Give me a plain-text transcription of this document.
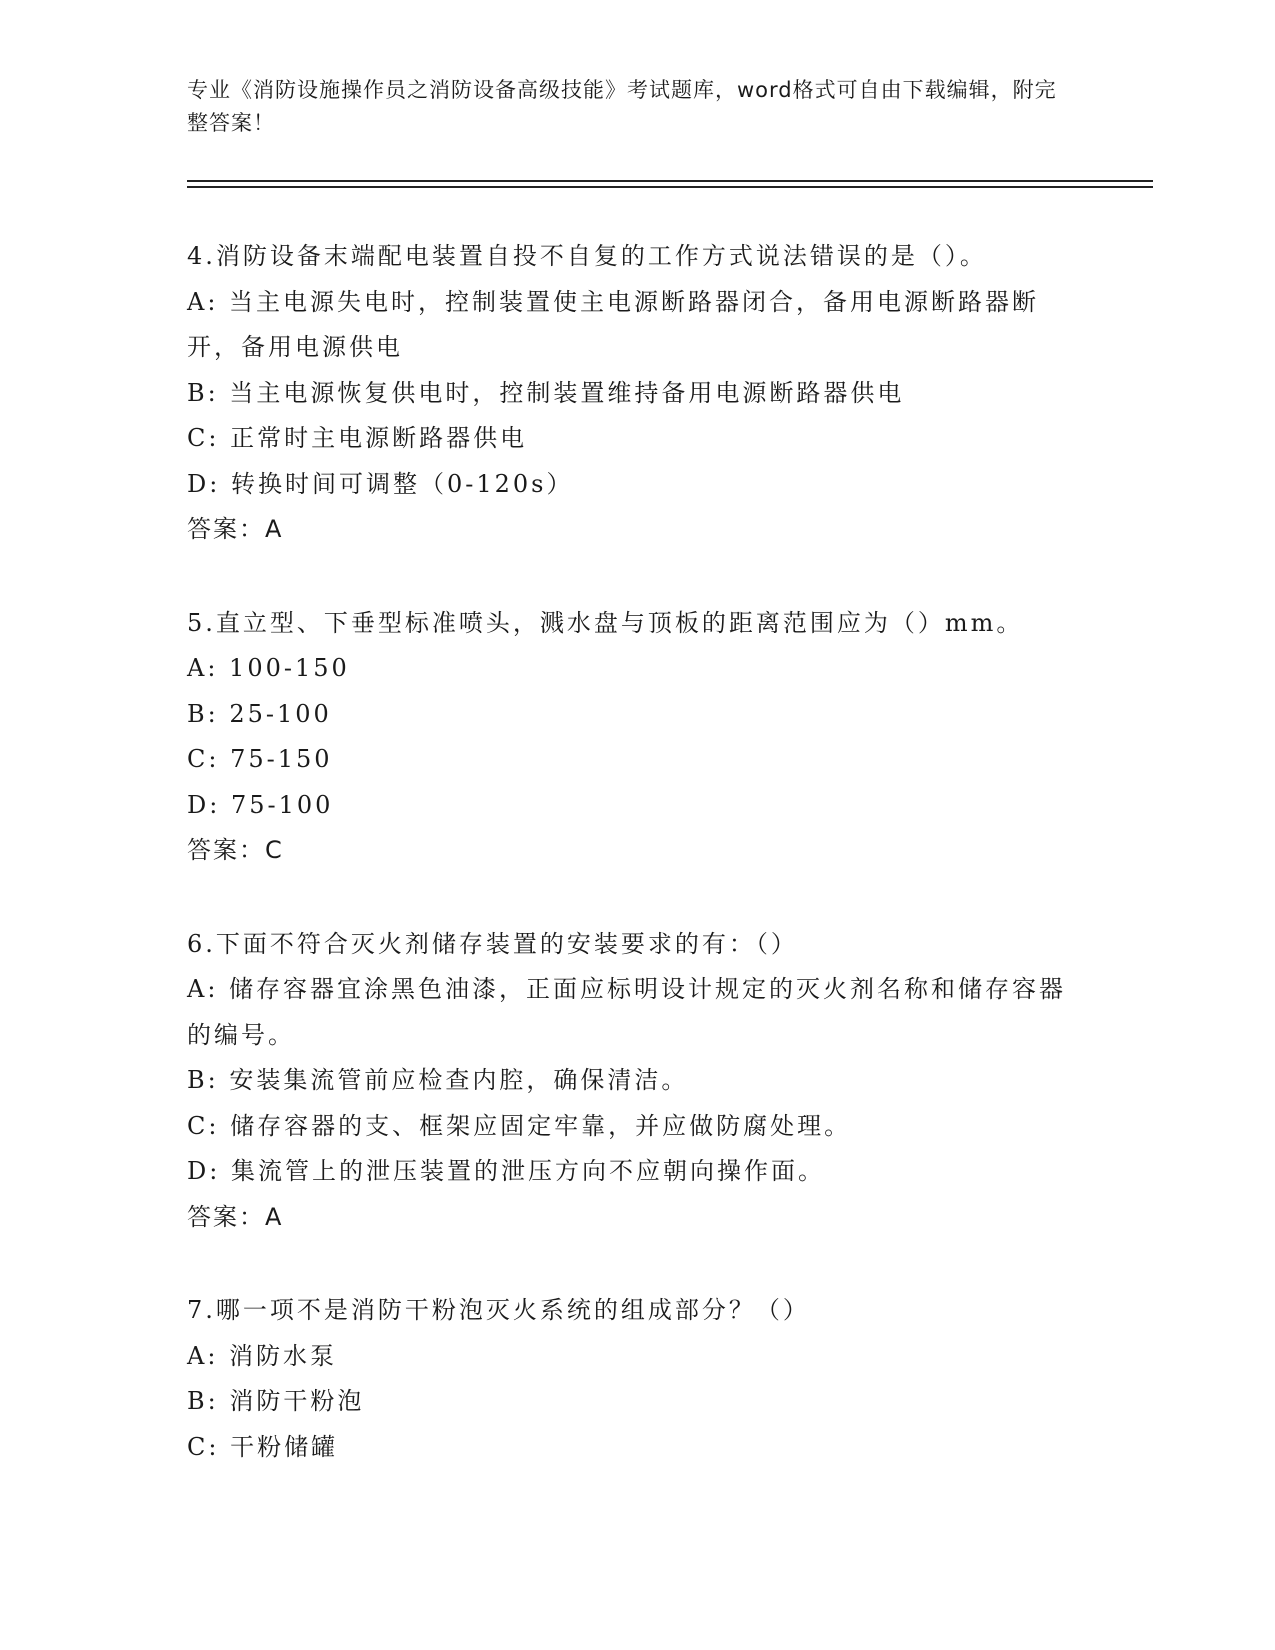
专业《消防设施操作员之消防设备高级技能》考试题库，word格式可自由下载编辑，附完整答案！
4.消防设备末端配电装置自投不自复的工作方式说法错误的是（）。
A: 当主电源失电时，控制装置使主电源断路器闭合，备用电源断路器断开，备用电源供电
B: 当主电源恢复供电时，控制装置维持备用电源断路器供电
C: 正常时主电源断路器供电
D: 转换时间可调整（0-120s）
答案：A
5.直立型、下垂型标准喷头，溅水盘与顶板的距离范围应为（）mm。
A: 100-150
B: 25-100
C: 75-150
D: 75-100
答案：C
6.下面不符合灭火剂储存装置的安装要求的有：（）
A: 储存容器宜涂黑色油漆，正面应标明设计规定的灭火剂名称和储存容器的编号。
B: 安装集流管前应检查内腔，确保清洁。
C: 储存容器的支、框架应固定牢靠，并应做防腐处理。
D: 集流管上的泄压装置的泄压方向不应朝向操作面。
答案：A
7.哪一项不是消防干粉泡灭火系统的组成部分？（）
A: 消防水泵
B: 消防干粉泡
C: 干粉储罐
